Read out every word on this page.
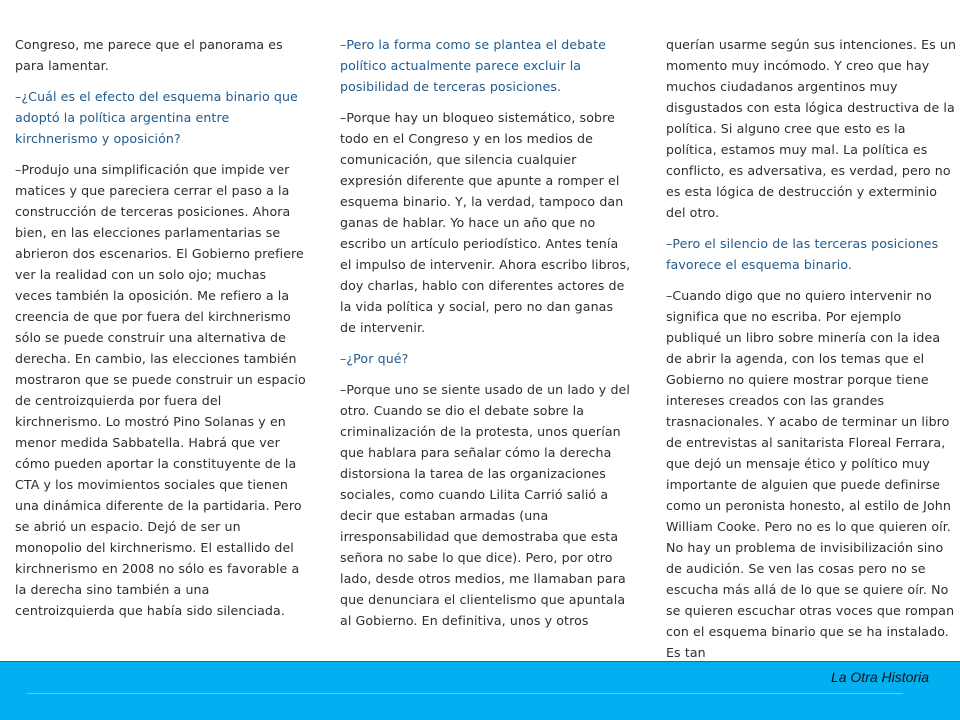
Congreso, me parece que el panorama es para lamentar.

–¿Cuál es el efecto del esquema binario que adoptó la política argentina entre kirchnerismo y oposición?

–Produjo una simplificación que impide ver matices y que pareciera cerrar el paso a la construcción de terceras posiciones. Ahora bien, en las elecciones parlamentarias se abrieron dos escenarios. El Gobierno prefiere ver la realidad con un solo ojo; muchas veces también la oposición. Me refiero a la creencia de que por fuera del kirchnerismo sólo se puede construir una alternativa de derecha. En cambio, las elecciones también mostraron que se puede construir un espacio de centroizquierda por fuera del kirchnerismo. Lo mostró Pino Solanas y en menor medida Sabbatella. Habrá que ver cómo pueden aportar la constituyente de la CTA y los movimientos sociales que tienen una dinámica diferente de la partidaria. Pero se abrió un espacio. Dejó de ser un monopolio del kirchnerismo. El estallido del kirchnerismo en 2008 no sólo es favorable a la derecha sino también a una centroizquierda que había sido silenciada.

–Pero la forma como se plantea el debate político actualmente parece excluir la posibilidad de terceras posiciones.

–Porque hay un bloqueo sistemático, sobre todo en el Congreso y en los medios de comunicación, que silencia cualquier expresión diferente que apunte a romper el esquema binario. Y, la verdad, tampoco dan ganas de hablar. Yo hace un año que no escribo un artículo periodístico. Antes tenía el impulso de intervenir. Ahora escribo libros, doy charlas, hablo con diferentes actores de la vida política y social, pero no dan ganas de intervenir.

–¿Por qué?

–Porque uno se siente usado de un lado y del otro. Cuando se dio el debate sobre la criminalización de la protesta, unos querían que hablara para señalar cómo la derecha distorsiona la tarea de las organizaciones sociales, como cuando Lilita Carrió salió a decir que estaban armadas (una irresponsabilidad que demostraba que esta señora no sabe lo que dice). Pero, por otro lado, desde otros medios, me llamaban para que denunciara el clientelismo que apuntala al Gobierno. En definitiva, unos y otros

querían usarme según sus intenciones. Es un momento muy incómodo. Y creo que hay muchos ciudadanos argentinos muy disgustados con esta lógica destructiva de la política. Si alguno cree que esto es la política, estamos muy mal. La política es conflicto, es adversativa, es verdad, pero no es esta lógica de destrucción y exterminio del otro.

–Pero el silencio de las terceras posiciones favorece el esquema binario.

–Cuando digo que no quiero intervenir no significa que no escriba. Por ejemplo publiqué un libro sobre minería con la idea de abrir la agenda, con los temas que el Gobierno no quiere mostrar porque tiene intereses creados con las grandes trasnacionales. Y acabo de terminar un libro de entrevistas al sanitarista Floreal Ferrara, que dejó un mensaje ético y político muy importante de alguien que puede definirse como un peronista honesto, al estilo de John William Cooke. Pero no es lo que quieren oír. No hay un problema de invisibilización sino de audición. Se ven las cosas pero no se escucha más allá de lo que se quiere oír. No se quieren escuchar otras voces que rompan con el esquema binario que se ha instalado. Es tan

La Otra Historia
